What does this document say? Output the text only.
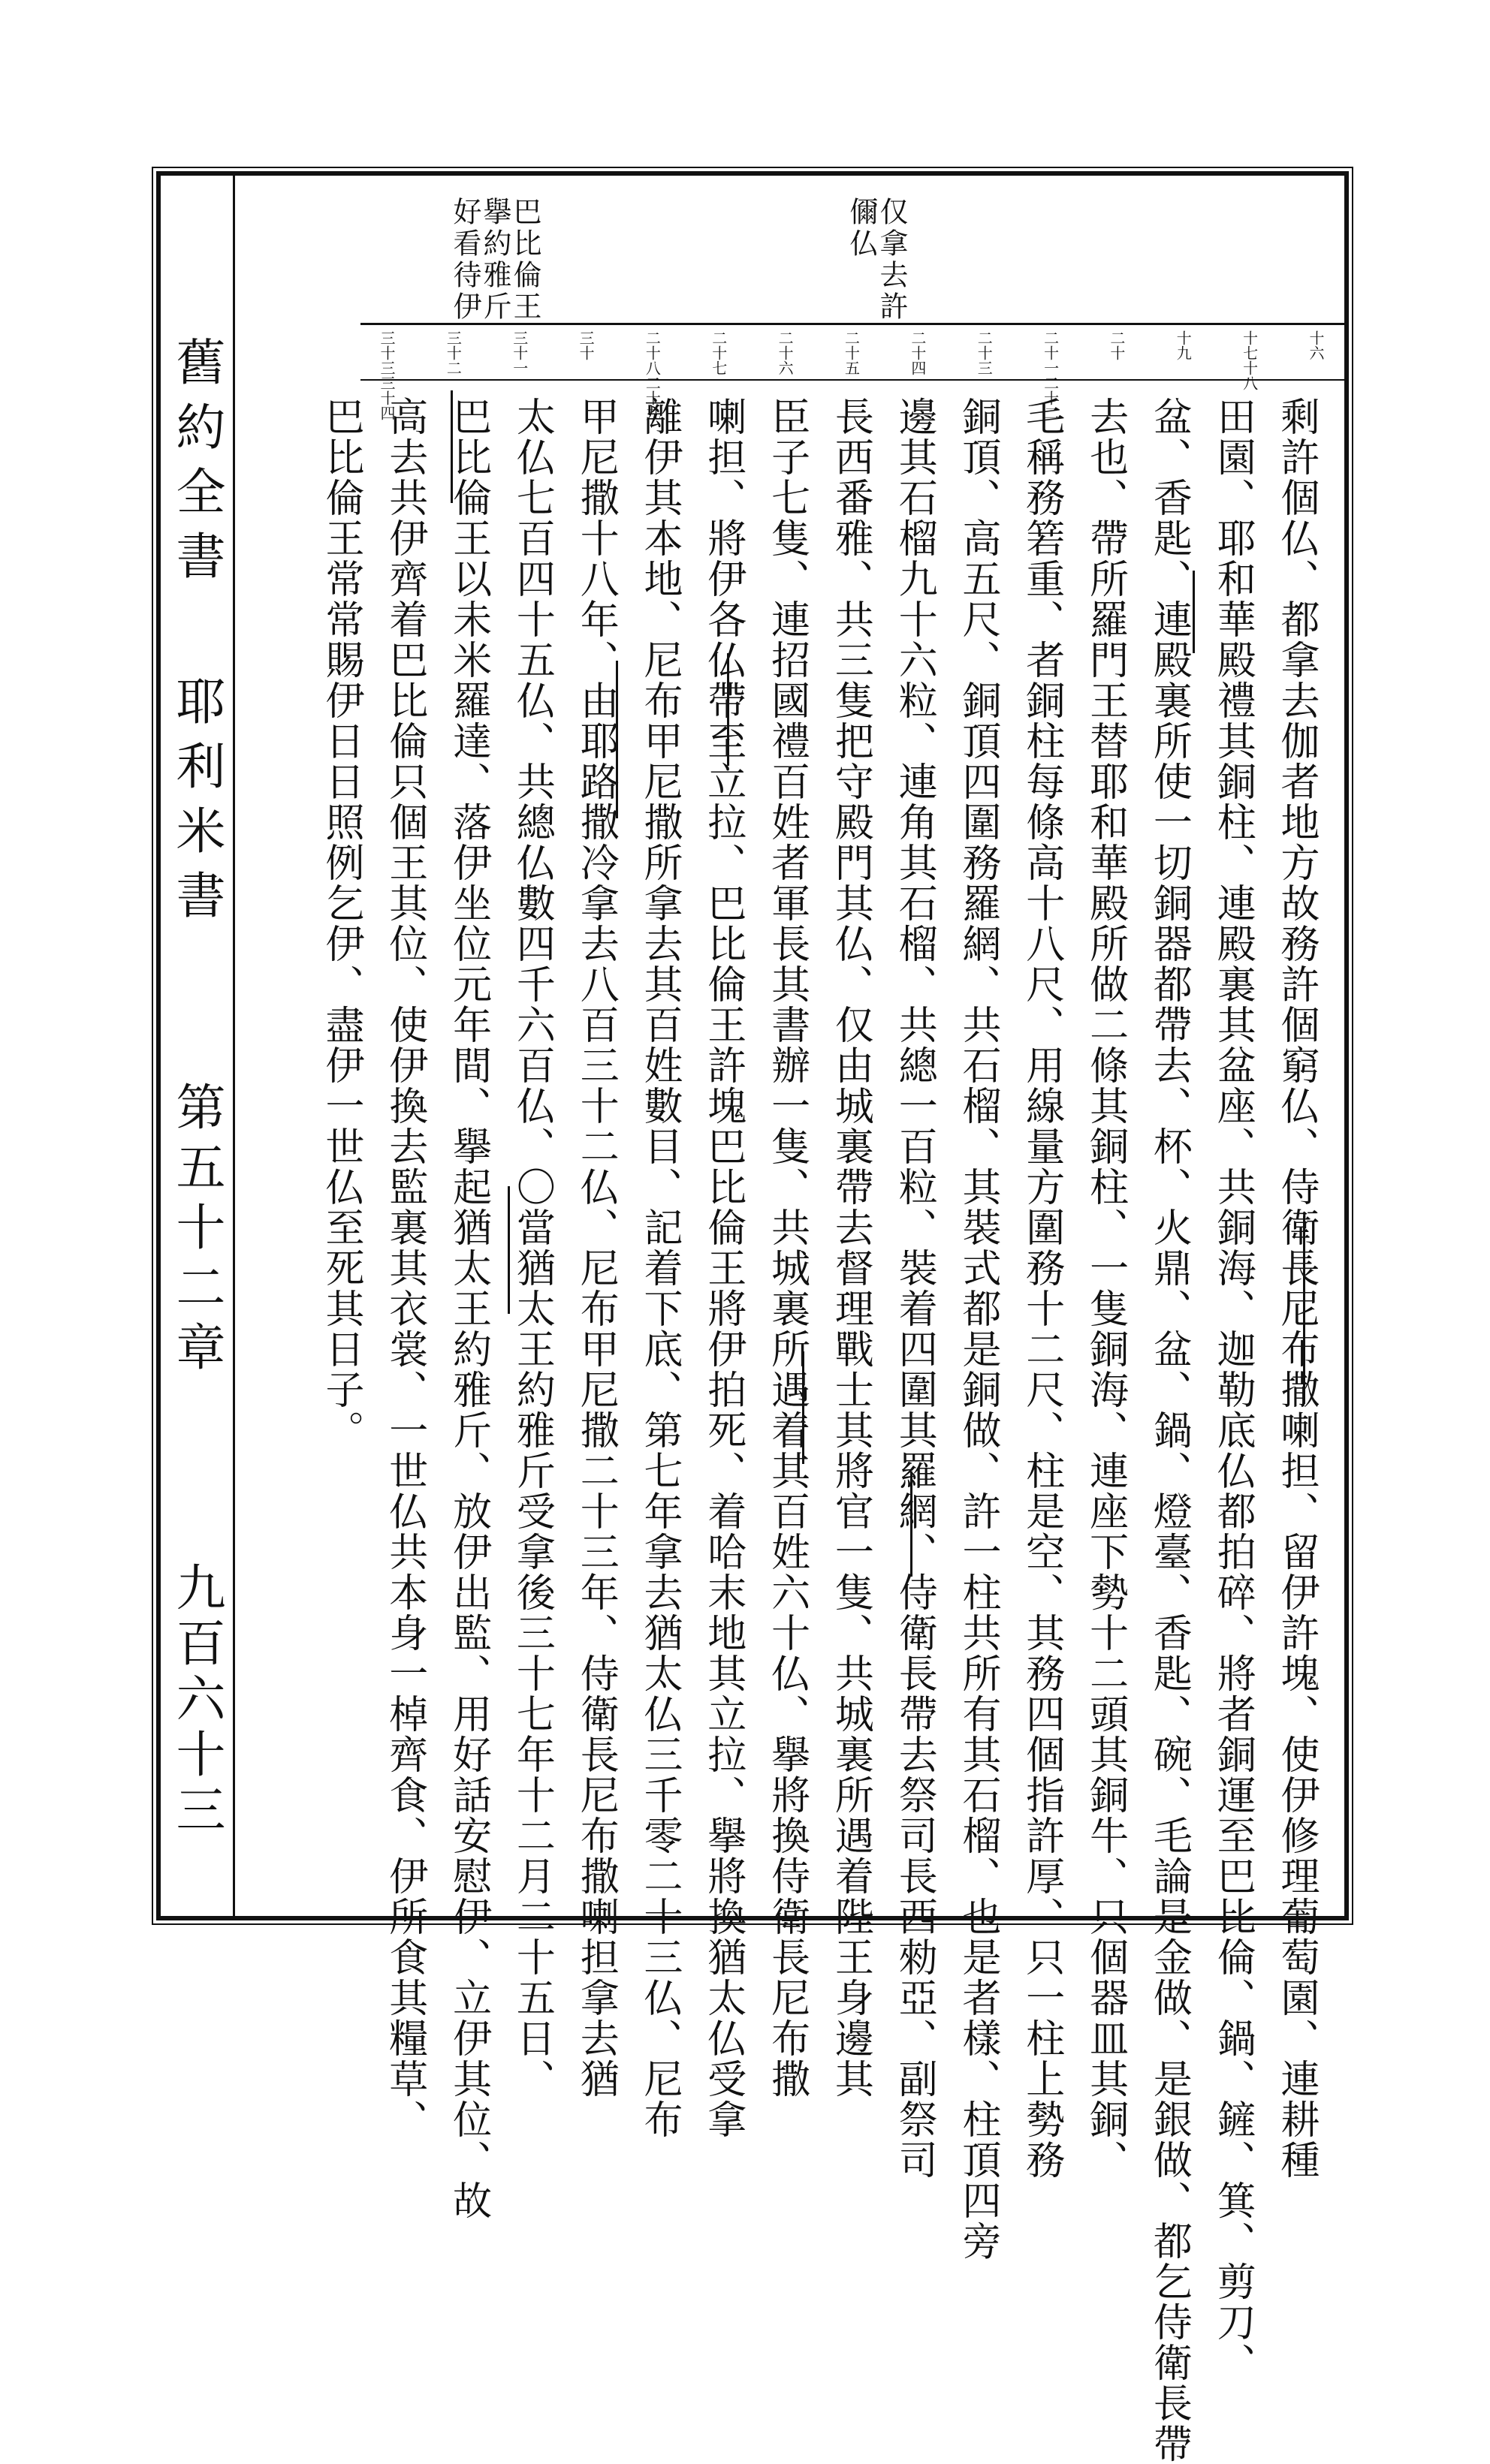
舊約全書
耶利米書
第五十二章
九百六十三
仅拿去許
儞仏
巴比倫王
擧約雅斤
好看待伊
十六
十七十八
十九
二十
二十一二十二
二十三
二十四
二十五
二十六
二十七
二十八二十九
三十
三十一
三十二
三十三三十四
剩許個仏、都拿去伽者地方故務許個窮仏、侍衛長尼布撒喇担、留伊許塊、使伊修理葡萄園、連耕種
田園、耶和華殿禮其銅柱、連殿裏其盆座、共銅海、迦勒底仏都拍碎、將者銅運至巴比倫、鍋、鏟、箕、剪刀、
盆、香匙、連殿裏所使一切銅器都帶去、杯、火鼎、盆、鍋、燈臺、香匙、碗、毛論是金做、是銀做、都乞侍衛長帶
去也、帶所羅門王替耶和華殿所做二條其銅柱、一隻銅海、連座下勢十二頭其銅牛、只個器皿其銅、
毛稱務箬重、者銅柱每條高十八尺、用線量方圍務十二尺、柱是空、其務四個指許厚、只一柱上勢務
銅頂、高五尺、銅頂四圍務羅網、共石榴、其裝式都是銅做、許一柱共所有其石榴、也是者樣、柱頂四旁
邊其石榴九十六粒、連角其石榴、共總一百粒、裝着四圍其羅網、侍衛長帶去祭司長西勑亞、副祭司
長西番雅、共三隻把守殿門其仏、仅由城裏帶去督理戰士其將官一隻、共城裏所遇着陛王身邊其
臣子七隻、連招國禮百姓者軍長其書辦一隻、共城裏所遇着其百姓六十仏、擧將換侍衛長尼布撒
喇担、將伊各仏帶至立拉、巴比倫王許塊巴比倫王將伊拍死、着哈末地其立拉、擧將換猶太仏受拿
離伊其本地、尼布甲尼撒所拿去其百姓數目、記着下底、第七年拿去猶太仏三千零二十三仏、尼布
甲尼撒十八年、由耶路撒冷拿去八百三十二仏、尼布甲尼撒二十三年、侍衛長尼布撒喇担拿去猶
太仏七百四十五仏、共總仏數四千六百仏、〇當猶太王約雅斤受拿後三十七年十二月二十五日、
巴比倫王以未米羅達、落伊坐位元年間、擧起猶太王約雅斤、放伊出監、用好話安慰伊、立伊其位、故
高去共伊齊着巴比倫只個王其位、使伊換去監裏其衣裳、一世仏共本身一棹齊食、伊所食其糧草、
巴比倫王常常賜伊日日照例乞伊、盡伊一世仏至死其日子。
